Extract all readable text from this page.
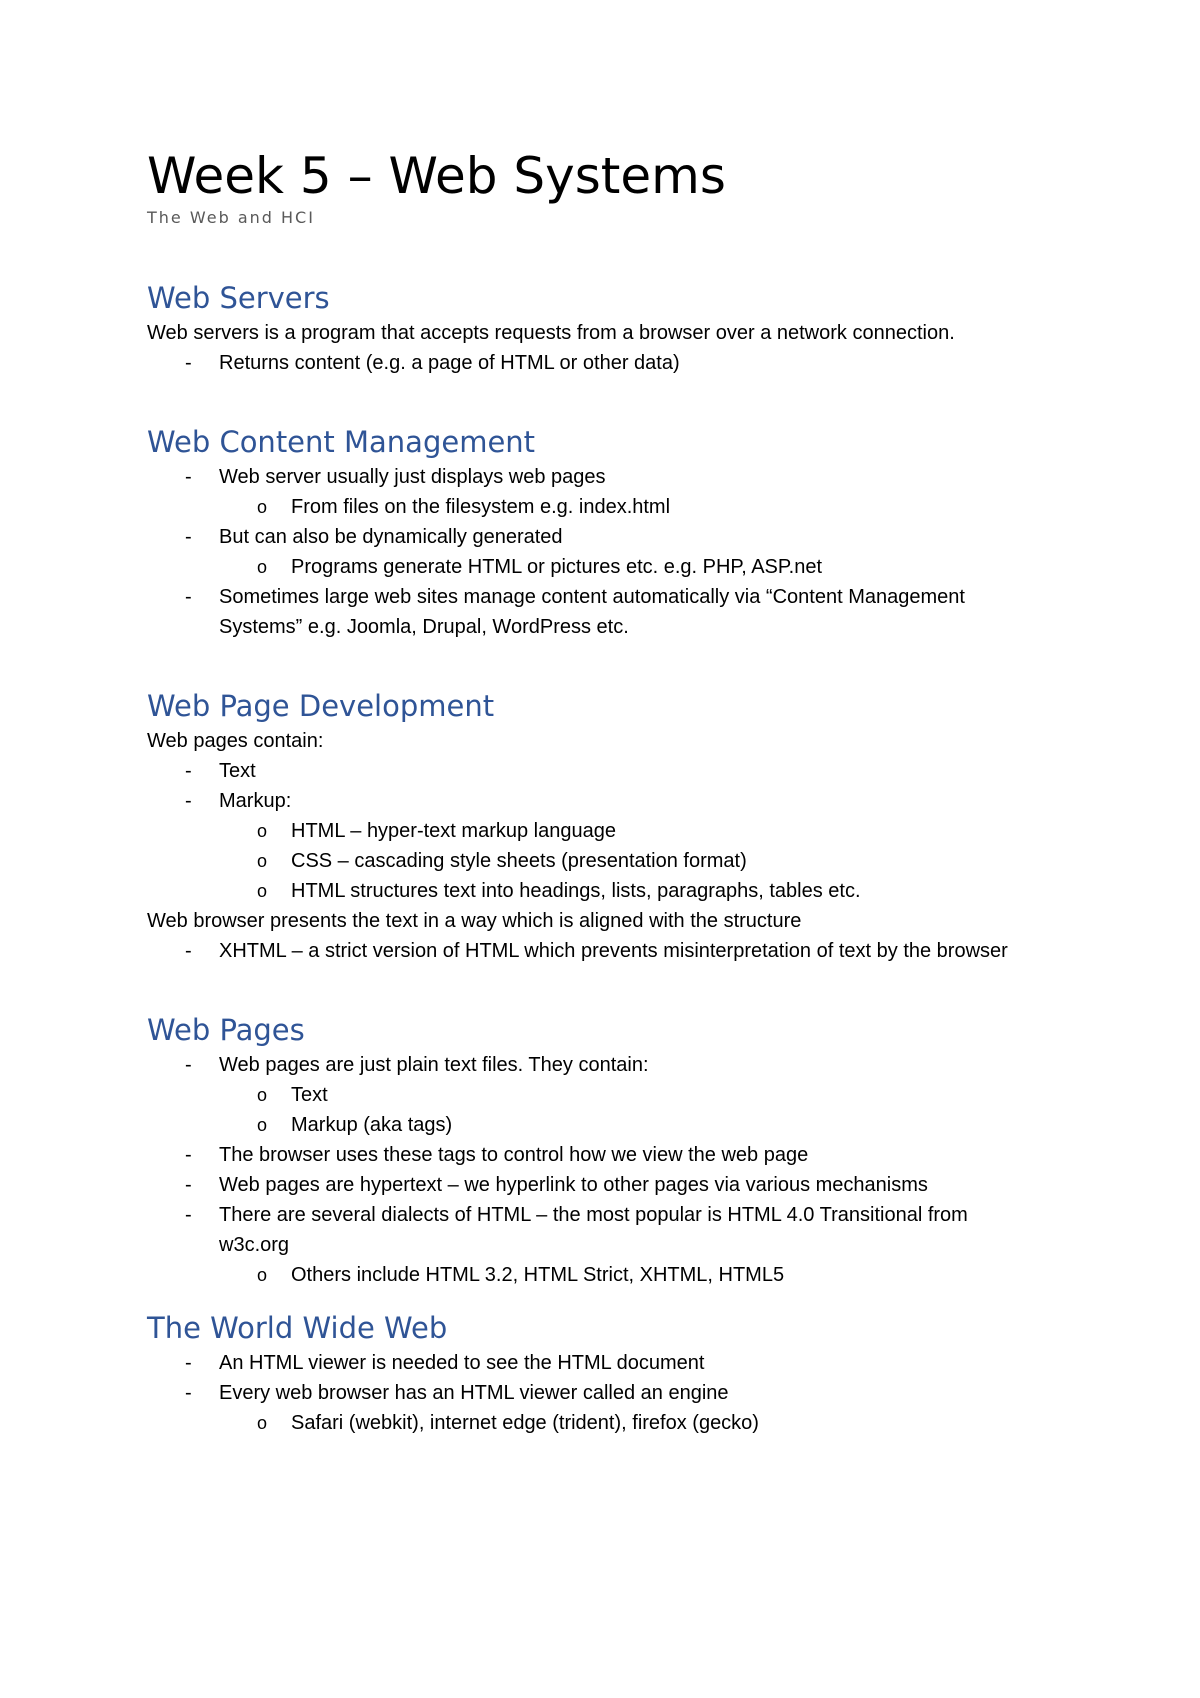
Week 5 – Web Systems
The Web and HCI
Web Servers

Web servers is a program that accepts requests from a browser over a network connection.

- Returns content (e.g. a page of HTML or other data)
Web Content Management
- Web server usually just displays web pages
o From files on the filesystem e.g. index.html
- But can also be dynamically generated
o Programs generate HTML or pictures etc. e.g. PHP, ASP.net
- Sometimes large web sites manage content automatically via “Content Management Systems” e.g. Joomla, Drupal, WordPress etc.
Web Page Development

Web pages contain:

- Text
- Markup:
o HTML – hyper-text markup language
o CSS – cascading style sheets (presentation format)
o HTML structures text into headings, lists, paragraphs, tables etc.

Web browser presents the text in a way which is aligned with the structure

- XHTML – a strict version of HTML which prevents misinterpretation of text by the browser
Web Pages
- Web pages are just plain text files. They contain:
o Text
o Markup (aka tags)
- The browser uses these tags to control how we view the web page
- Web pages are hypertext – we hyperlink to other pages via various mechanisms
- There are several dialects of HTML – the most popular is HTML 4.0 Transitional from w3c.org
o Others include HTML 3.2, HTML Strict, XHTML, HTML5
The World Wide Web
- An HTML viewer is needed to see the HTML document
- Every web browser has an HTML viewer called an engine
o Safari (webkit), internet edge (trident), firefox (gecko)
